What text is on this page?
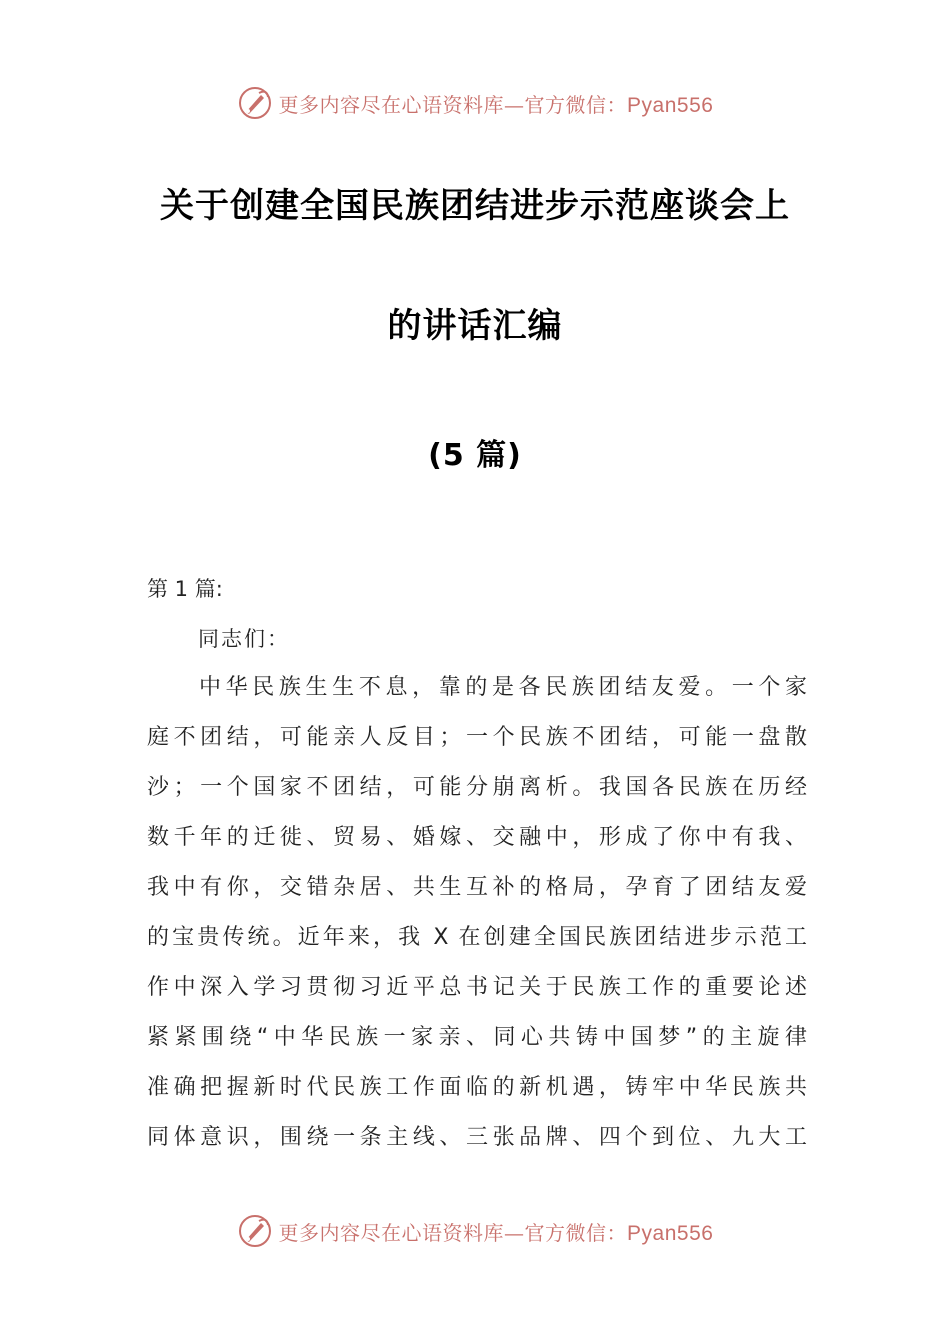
更多内容尽在心语资料库—官方微信：Pyan556
关于创建全国民族团结进步示范座谈会上
的讲话汇编
(5 篇)
第 1 篇:
同志们：
中华民族生生不息，靠的是各民族团结友爱。一个家
庭不团结，可能亲人反目；一个民族不团结，可能一盘散
沙；一个国家不团结，可能分崩离析。我国各民族在历经
数千年的迁徙、贸易、婚嫁、交融中，形成了你中有我、
我中有你，交错杂居、共生互补的格局，孕育了团结友爱
的宝贵传统。近年来，我 X 在创建全国民族团结进步示范工
作中深入学习贯彻习近平总书记关于民族工作的重要论述
紧紧围绕“中华民族一家亲、同心共铸中国梦”的主旋律
准确把握新时代民族工作面临的新机遇，铸牢中华民族共
同体意识，围绕一条主线、三张品牌、四个到位、九大工
更多内容尽在心语资料库—官方微信：Pyan556
